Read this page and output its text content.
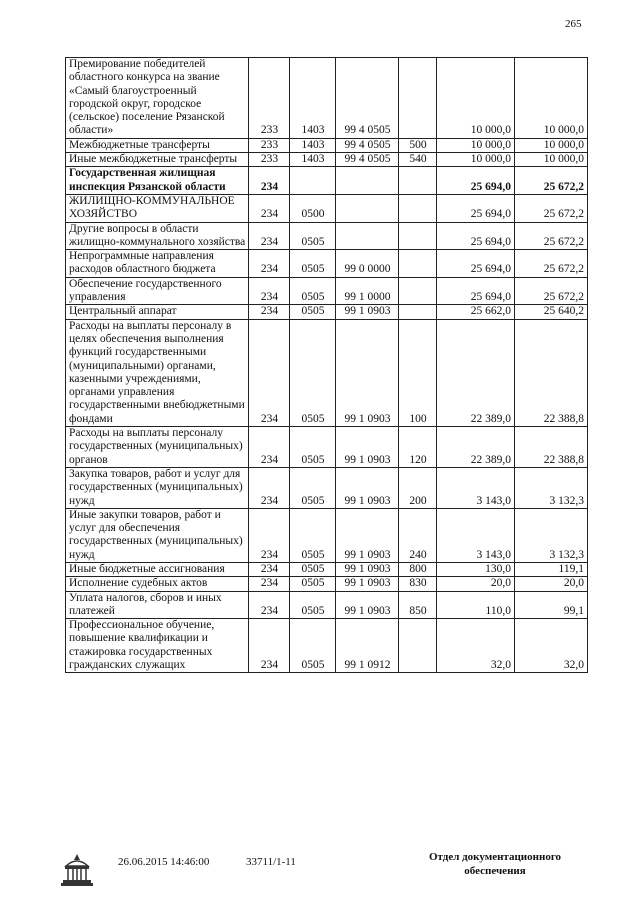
265
Премирование победителей областного конкурса на звание «Самый благоустроенный городской округ, городское (сельское) поселение Рязанской области»	233	1403	99 4 0505		10 000,0	10 000,0
Межбюджетные трансферты	233	1403	99 4 0505	500	10 000,0	10 000,0
Иные межбюджетные трансферты	233	1403	99 4 0505	540	10 000,0	10 000,0
Государственная жилищная инспекция Рязанской области	234				25 694,0	25 672,2
ЖИЛИЩНО-КОММУНАЛЬНОЕ ХОЗЯЙСТВО	234	0500			25 694,0	25 672,2
Другие вопросы в области жилищно-коммунального хозяйства	234	0505			25 694,0	25 672,2
Непрограммные направления расходов областного бюджета	234	0505	99 0 0000		25 694,0	25 672,2
Обеспечение государственного управления	234	0505	99 1 0000		25 694,0	25 672,2
Центральный аппарат	234	0505	99 1 0903		25 662,0	25 640,2
Расходы на выплаты персоналу в целях обеспечения выполнения функций государственными (муниципальными) органами, казенными учреждениями, органами управления государственными внебюджетными фондами	234	0505	99 1 0903	100	22 389,0	22 388,8
Расходы на выплаты персоналу государственных (муниципальных) органов	234	0505	99 1 0903	120	22 389,0	22 388,8
Закупка товаров, работ и услуг для государственных (муниципальных) нужд	234	0505	99 1 0903	200	3 143,0	3 132,3
Иные закупки товаров, работ и услуг для обеспечения государственных (муниципальных) нужд	234	0505	99 1 0903	240	3 143,0	3 132,3
Иные бюджетные ассигнования	234	0505	99 1 0903	800	130,0	119,1
Исполнение судебных актов	234	0505	99 1 0903	830	20,0	20,0
Уплата налогов, сборов и иных платежей	234	0505	99 1 0903	850	110,0	99,1
Профессиональное обучение, повышение квалификации и стажировка государственных гражданских служащих	234	0505	99 1 0912		32,0	32,0
26.06.2015 14:46:00	33711/1-11	Отдел документационного
обеспечения
